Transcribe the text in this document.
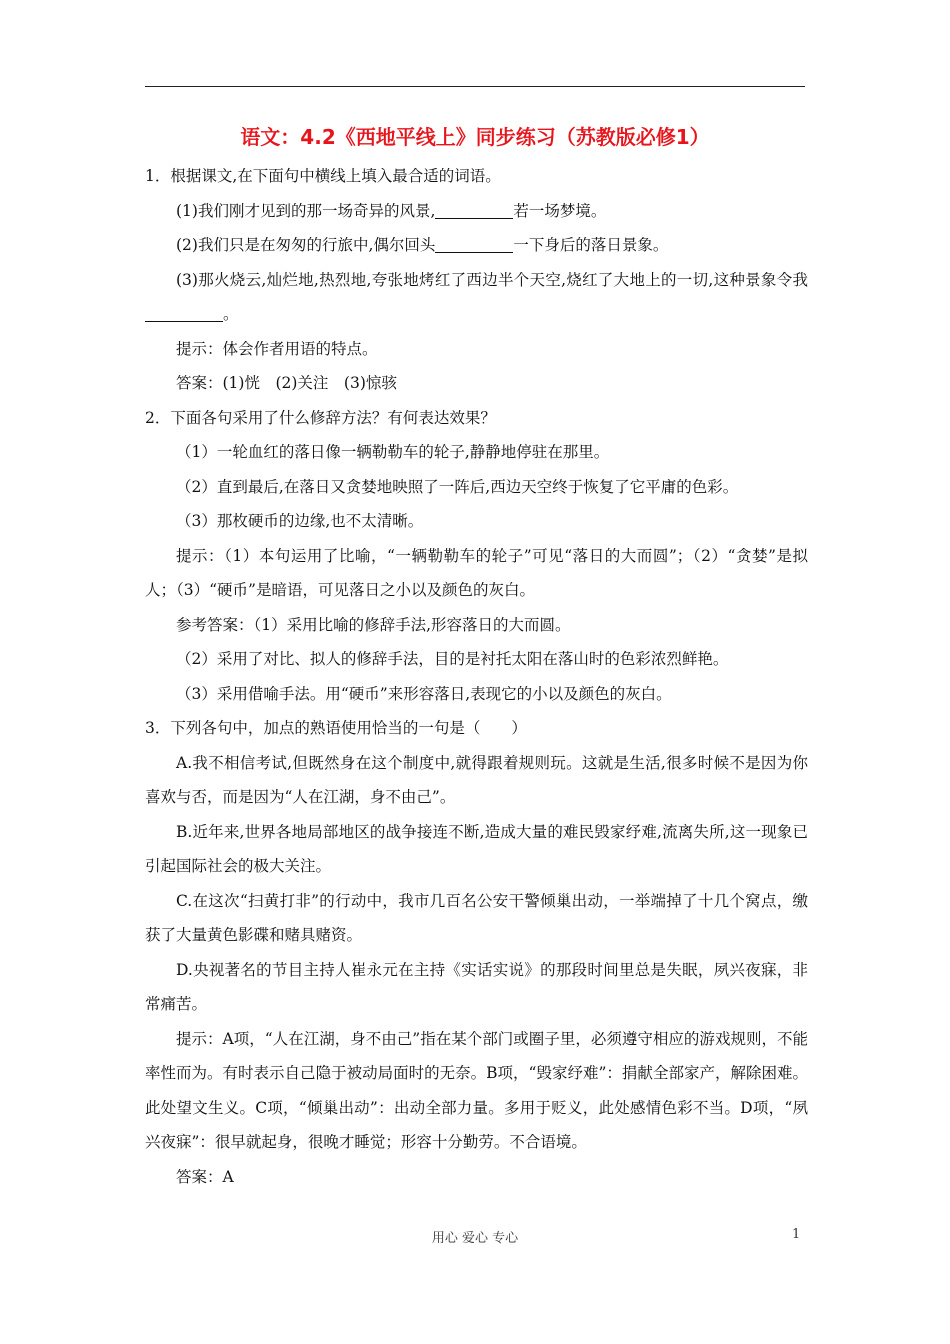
语文：4.2《西地平线上》同步练习（苏教版必修1）

1．根据课文,在下面句中横线上填入最合适的词语。

(1)我们刚才见到的那一场奇异的风景,	若一场梦境。

(2)我们只是在匆匆的行旅中,偶尔回头	一下身后的落日景象。

(3)那火烧云,灿烂地,热烈地,夸张地烤红了西边半个天空,烧红了大地上的一切,这种景象令我。

提示：体会作者用语的特点。

答案：(1)恍　(2)关注　(3)惊骇

2．下面各句采用了什么修辞方法？有何表达效果？

（1）一轮血红的落日像一辆勒勒车的轮子,静静地停驻在那里。

（2）直到最后,在落日又贪婪地映照了一阵后,西边天空终于恢复了它平庸的色彩。

（3）那枚硬币的边缘,也不太清晰。

提示：（1）本句运用了比喻，“一辆勒勒车的轮子”可见“落日的大而圆”；（2）“贪婪”是拟人；（3）“硬币”是暗语，可见落日之小以及颜色的灰白。

参考答案：（1）采用比喻的修辞手法,形容落日的大而圆。

（2）采用了对比、拟人的修辞手法，目的是衬托太阳在落山时的色彩浓烈鲜艳。

（3）采用借喻手法。用“硬币”来形容落日,表现它的小以及颜色的灰白。

3．下列各句中，加点的熟语使用恰当的一句是（　　）

A.我不相信考试,但既然身在这个制度中,就得跟着规则玩。这就是生活,很多时候不是因为你喜欢与否，而是因为“人在江湖，身不由己”。

B.近年来,世界各地局部地区的战争接连不断,造成大量的难民毁家纾难,流离失所,这一现象已引起国际社会的极大关注。

C.在这次“扫黄打非”的行动中，我市几百名公安干警倾巢出动，一举端掉了十几个窝点，缴获了大量黄色影碟和赌具赌资。

D.央视著名的节目主持人崔永元在主持《实话实说》的那段时间里总是失眠，夙兴夜寐，非常痛苦。

提示：A项，“人在江湖，身不由己”指在某个部门或圈子里，必须遵守相应的游戏规则，不能率性而为。有时表示自己隐于被动局面时的无奈。B项，“毁家纾难”：捐献全部家产，解除困难。此处望文生义。C项，“倾巢出动”：出动全部力量。多用于贬义，此处感情色彩不当。D项，“夙兴夜寐”：很早就起身，很晚才睡觉；形容十分勤劳。不合语境。

答案：A

用心 爱心 专心	1
